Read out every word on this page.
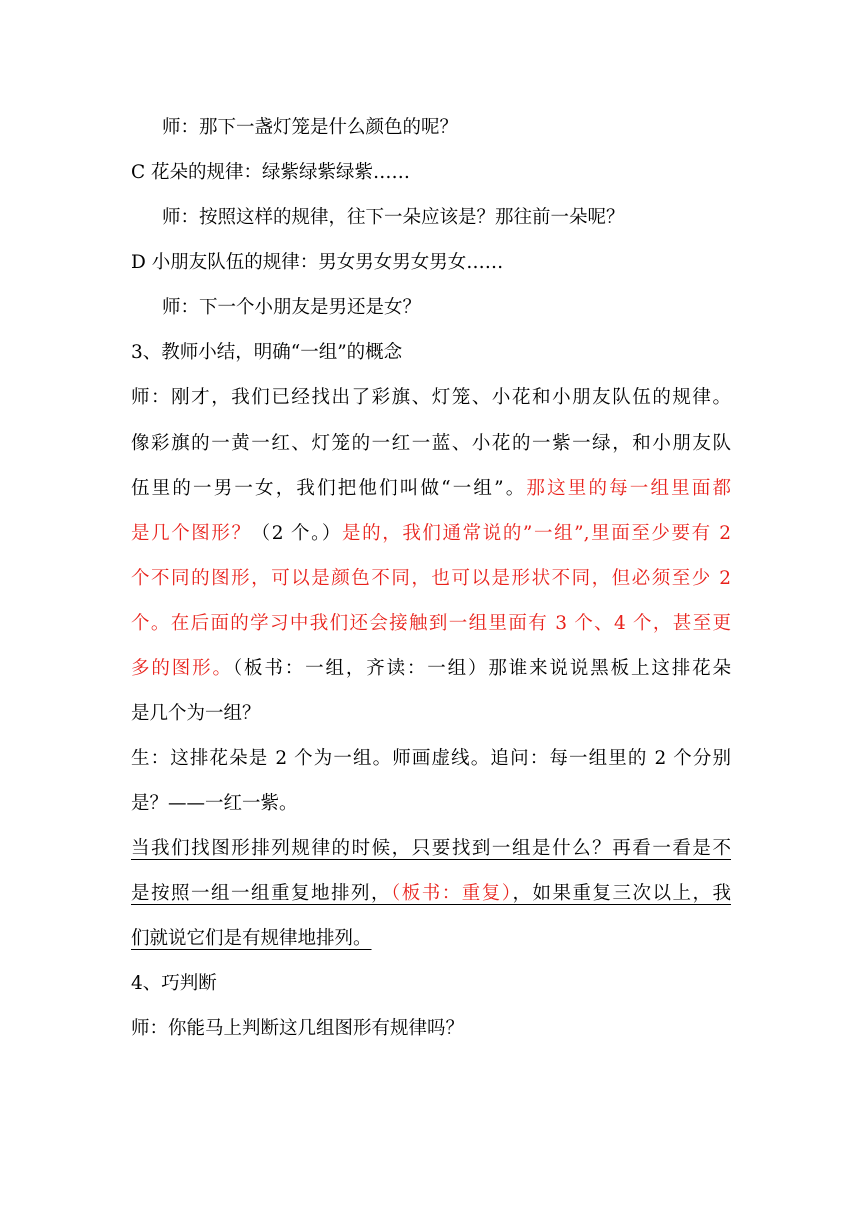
师：那下一盏灯笼是什么颜色的呢？
C 花朵的规律：绿紫绿紫绿紫……
师：按照这样的规律，往下一朵应该是？那往前一朵呢？
D 小朋友队伍的规律：男女男女男女男女……
师：下一个小朋友是男还是女？
3、教师小结，明确“一组”的概念
师：刚才，我们已经找出了彩旗、灯笼、小花和小朋友队伍的规律。
像彩旗的一黄一红、灯笼的一红一蓝、小花的一紫一绿，和小朋友队
伍里的一男一女，我们把他们叫做“一组”。那这里的每一组里面都
是几个图形？（2 个。）是的，我们通常说的”一组”,里面至少要有 2
个不同的图形，可以是颜色不同，也可以是形状不同，但必须至少 2
个。在后面的学习中我们还会接触到一组里面有 3 个、4 个，甚至更
多的图形。（板书：一组，齐读：一组）那谁来说说黑板上这排花朵
是几个为一组？
生：这排花朵是 2 个为一组。师画虚线。追问：每一组里的 2 个分别
是？——一红一紫。
当我们找图形排列规律的时候，只要找到一组是什么？再看一看是不
是按照一组一组重复地排列，（板书：重复），如果重复三次以上，我
们就说它们是有规律地排列。
4、巧判断
师：你能马上判断这几组图形有规律吗？
